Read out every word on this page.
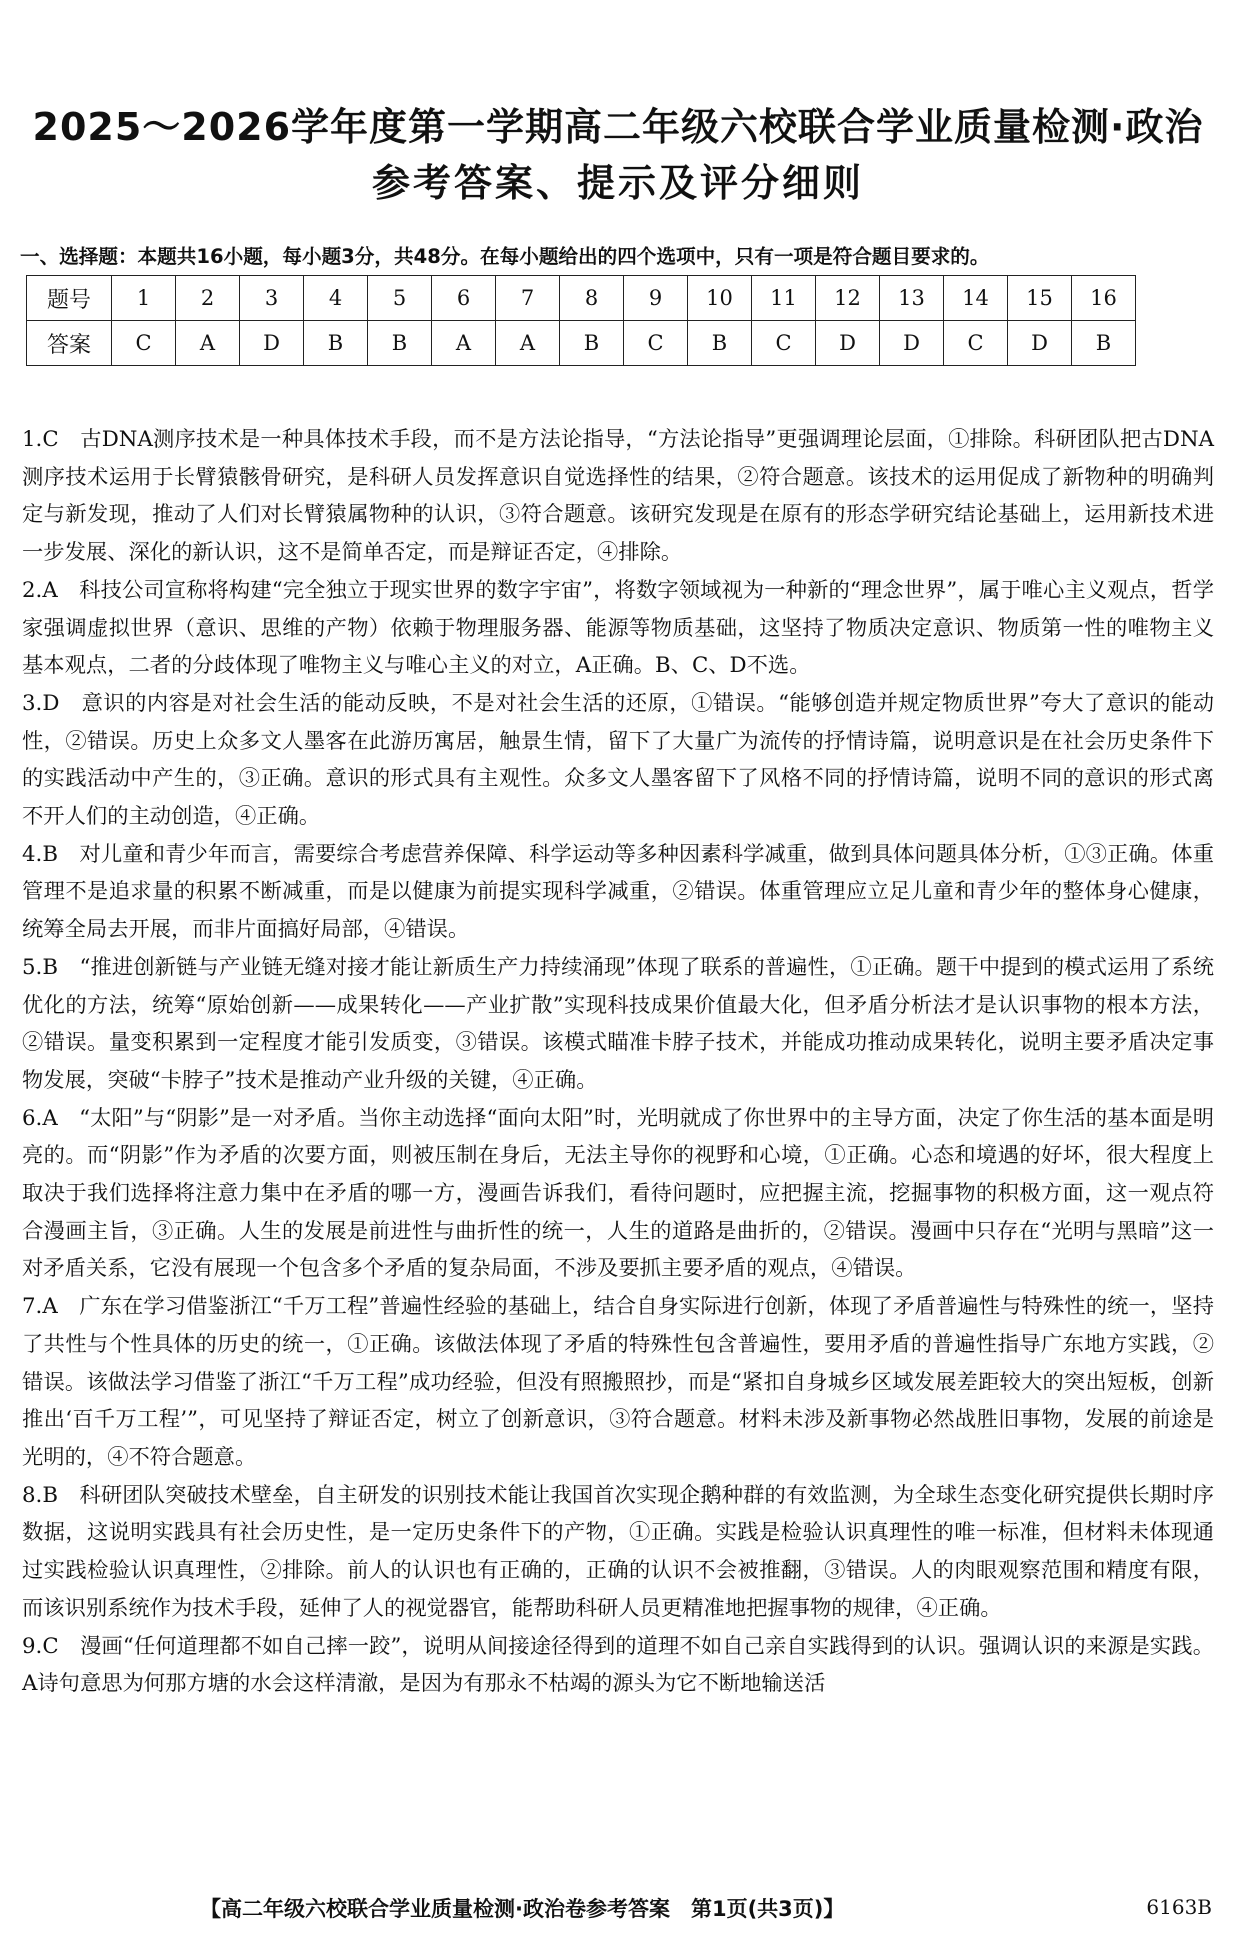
2025～2026学年度第一学期高二年级六校联合学业质量检测·政治
参考答案、提示及评分细则
一、选择题：本题共16小题，每小题3分，共48分。在每小题给出的四个选项中，只有一项是符合题目要求的。
题号	1	2	3	4	5	6	7	8	9	10	11	12	13	14	15	16
答案	C	A	D	B	B	A	A	B	C	B	C	D	D	C	D	B

1.C　古DNA测序技术是一种具体技术手段，而不是方法论指导，“方法论指导”更强调理论层面，①排除。科研团队把古DNA测序技术运用于长臂猿骸骨研究，是科研人员发挥意识自觉选择性的结果，②符合题意。该技术的运用促成了新物种的明确判定与新发现，推动了人们对长臂猿属物种的认识，③符合题意。该研究发现是在原有的形态学研究结论基础上，运用新技术进一步发展、深化的新认识，这不是简单否定，而是辩证否定，④排除。

2.A　科技公司宣称将构建“完全独立于现实世界的数字宇宙”，将数字领域视为一种新的“理念世界”，属于唯心主义观点，哲学家强调虚拟世界（意识、思维的产物）依赖于物理服务器、能源等物质基础，这坚持了物质决定意识、物质第一性的唯物主义基本观点，二者的分歧体现了唯物主义与唯心主义的对立，A正确。B、C、D不选。

3.D　意识的内容是对社会生活的能动反映，不是对社会生活的还原，①错误。“能够创造并规定物质世界”夸大了意识的能动性，②错误。历史上众多文人墨客在此游历寓居，触景生情，留下了大量广为流传的抒情诗篇，说明意识是在社会历史条件下的实践活动中产生的，③正确。意识的形式具有主观性。众多文人墨客留下了风格不同的抒情诗篇，说明不同的意识的形式离不开人们的主动创造，④正确。

4.B　对儿童和青少年而言，需要综合考虑营养保障、科学运动等多种因素科学减重，做到具体问题具体分析，①③正确。体重管理不是追求量的积累不断减重，而是以健康为前提实现科学减重，②错误。体重管理应立足儿童和青少年的整体身心健康，统筹全局去开展，而非片面搞好局部，④错误。

5.B　“推进创新链与产业链无缝对接才能让新质生产力持续涌现”体现了联系的普遍性，①正确。题干中提到的模式运用了系统优化的方法，统筹“原始创新——成果转化——产业扩散”实现科技成果价值最大化，但矛盾分析法才是认识事物的根本方法，②错误。量变积累到一定程度才能引发质变，③错误。该模式瞄准卡脖子技术，并能成功推动成果转化，说明主要矛盾决定事物发展，突破“卡脖子”技术是推动产业升级的关键，④正确。

6.A　“太阳”与“阴影”是一对矛盾。当你主动选择“面向太阳”时，光明就成了你世界中的主导方面，决定了你生活的基本面是明亮的。而“阴影”作为矛盾的次要方面，则被压制在身后，无法主导你的视野和心境，①正确。心态和境遇的好坏，很大程度上取决于我们选择将注意力集中在矛盾的哪一方，漫画告诉我们，看待问题时，应把握主流，挖掘事物的积极方面，这一观点符合漫画主旨，③正确。人生的发展是前进性与曲折性的统一，人生的道路是曲折的，②错误。漫画中只存在“光明与黑暗”这一对矛盾关系，它没有展现一个包含多个矛盾的复杂局面，不涉及要抓主要矛盾的观点，④错误。

7.A　广东在学习借鉴浙江“千万工程”普遍性经验的基础上，结合自身实际进行创新，体现了矛盾普遍性与特殊性的统一，坚持了共性与个性具体的历史的统一，①正确。该做法体现了矛盾的特殊性包含普遍性，要用矛盾的普遍性指导广东地方实践，②错误。该做法学习借鉴了浙江“千万工程”成功经验，但没有照搬照抄，而是“紧扣自身城乡区域发展差距较大的突出短板，创新推出‘百千万工程’”，可见坚持了辩证否定，树立了创新意识，③符合题意。材料未涉及新事物必然战胜旧事物，发展的前途是光明的，④不符合题意。

8.B　科研团队突破技术壁垒，自主研发的识别技术能让我国首次实现企鹅种群的有效监测，为全球生态变化研究提供长期时序数据，这说明实践具有社会历史性，是一定历史条件下的产物，①正确。实践是检验认识真理性的唯一标准，但材料未体现通过实践检验认识真理性，②排除。前人的认识也有正确的，正确的认识不会被推翻，③错误。人的肉眼观察范围和精度有限，而该识别系统作为技术手段，延伸了人的视觉器官，能帮助科研人员更精准地把握事物的规律，④正确。

9.C　漫画“任何道理都不如自己摔一跤”，说明从间接途径得到的道理不如自己亲自实践得到的认识。强调认识的来源是实践。A诗句意思为何那方塘的水会这样清澈，是因为有那永不枯竭的源头为它不断地输送活

【高二年级六校联合学业质量检测·政治卷参考答案　第1页(共3页)】	6163B
